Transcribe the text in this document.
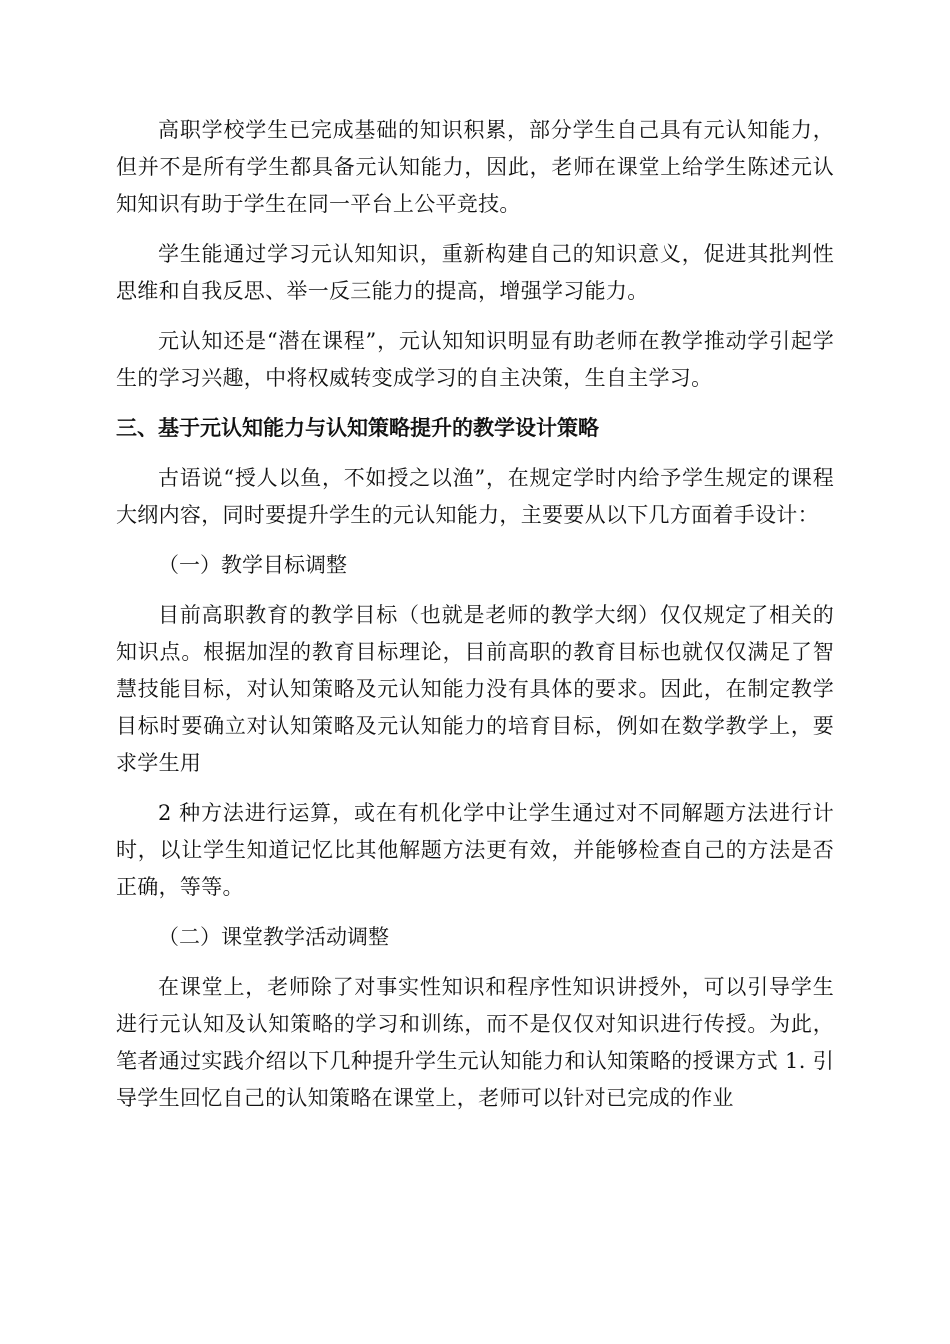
高职学校学生已完成基础的知识积累，部分学生自己具有元认知能力，但并不是所有学生都具备元认知能力，因此，老师在课堂上给学生陈述元认知知识有助于学生在同一平台上公平竞技。

学生能通过学习元认知知识，重新构建自己的知识意义，促进其批判性思维和自我反思、举一反三能力的提高，增强学习能力。

元认知还是“潜在课程”，元认知知识明显有助老师在教学推动学引起学生的学习兴趣，中将权威转变成学习的自主决策，生自主学习。

三、基于元认知能力与认知策略提升的教学设计策略

古语说“授人以鱼，不如授之以渔”，在规定学时内给予学生规定的课程大纲内容，同时要提升学生的元认知能力，主要要从以下几方面着手设计：

（一）教学目标调整

目前高职教育的教学目标（也就是老师的教学大纲）仅仅规定了相关的知识点。根据加涅的教育目标理论，目前高职的教育目标也就仅仅满足了智慧技能目标，对认知策略及元认知能力没有具体的要求。因此，在制定教学目标时要确立对认知策略及元认知能力的培育目标，例如在数学教学上，要求学生用

2 种方法进行运算，或在有机化学中让学生通过对不同解题方法进行计时，以让学生知道记忆比其他解题方法更有效，并能够检查自己的方法是否正确，等等。

（二）课堂教学活动调整

在课堂上，老师除了对事实性知识和程序性知识讲授外，可以引导学生进行元认知及认知策略的学习和训练，而不是仅仅对知识进行传授。为此，笔者通过实践介绍以下几种提升学生元认知能力和认知策略的授课方式 1. 引导学生回忆自己的认知策略在课堂上，老师可以针对已完成的作业
